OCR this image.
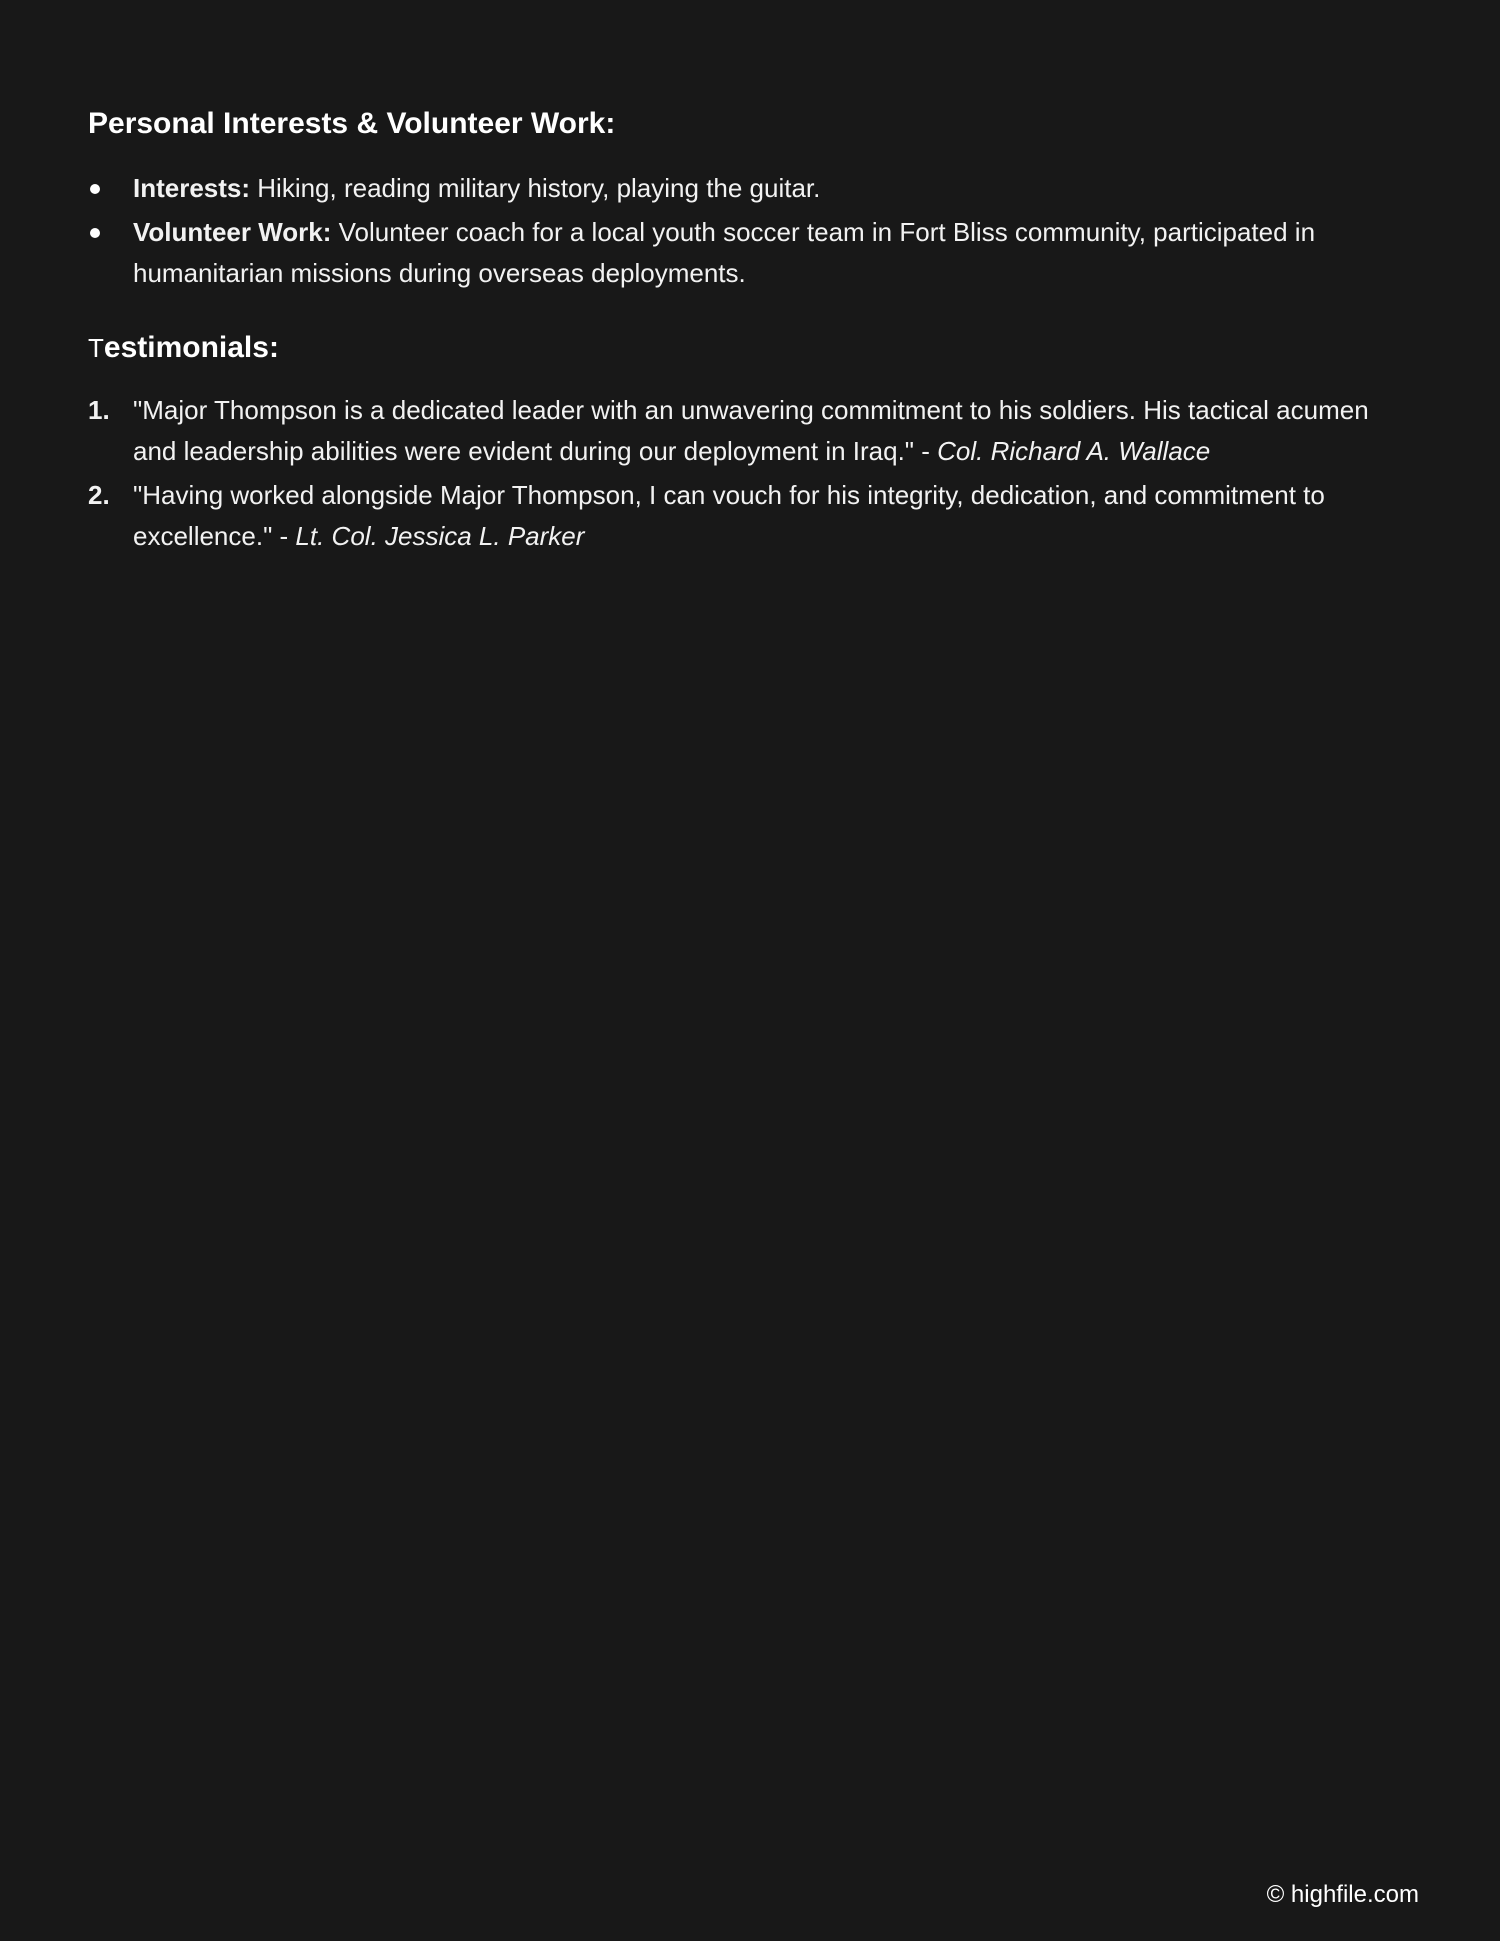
Personal Interests & Volunteer Work:
Interests: Hiking, reading military history, playing the guitar.
Volunteer Work: Volunteer coach for a local youth soccer team in Fort Bliss community, participated in humanitarian missions during overseas deployments.
Testimonials:
1. "Major Thompson is a dedicated leader with an unwavering commitment to his soldiers. His tactical acumen and leadership abilities were evident during our deployment in Iraq." - Col. Richard A. Wallace
2. "Having worked alongside Major Thompson, I can vouch for his integrity, dedication, and commitment to excellence." - Lt. Col. Jessica L. Parker
© highfile.com
